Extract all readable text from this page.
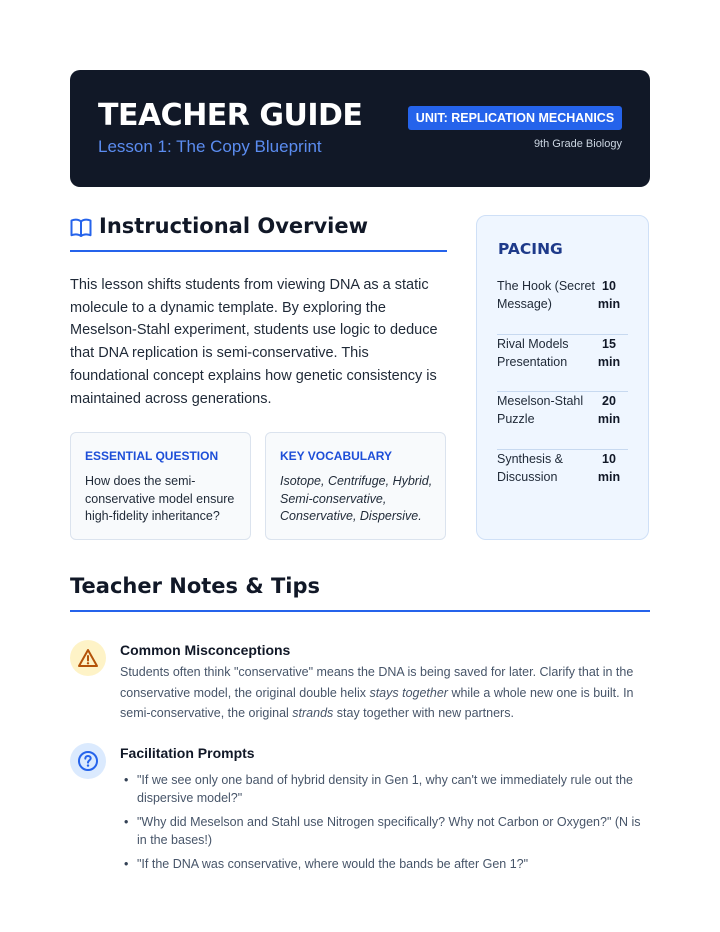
TEACHER GUIDE
Lesson 1: The Copy Blueprint
UNIT: REPLICATION MECHANICS
9th Grade Biology
Instructional Overview

This lesson shifts students from viewing DNA as a static molecule to a dynamic template. By exploring the Meselson-Stahl experiment, students use logic to deduce that DNA replication is semi-conservative. This foundational concept explains how genetic consistency is maintained across generations.

ESSENTIAL QUESTION
How does the semi-conservative model ensure high-fidelity inheritance?
KEY VOCABULARY
Isotope, Centrifuge, Hybrid, Semi-conservative, Conservative, Dispersive.
PACING
The Hook (Secret Message)
10 min
Rival Models Presentation
15 min
Meselson-Stahl Puzzle
20 min
Synthesis & Discussion
10 min
Teacher Notes & Tips
Common Misconceptions

Students often think "conservative" means the DNA is being saved for later. Clarify that in the conservative model, the original double helix stays together while a whole new one is built. In semi-conservative, the original strands stay together with new partners.

Facilitation Prompts
• "If we see only one band of hybrid density in Gen 1, why can't we immediately rule out the dispersive model?"
• "Why did Meselson and Stahl use Nitrogen specifically? Why not Carbon or Oxygen?" (N is in the bases!)
• "If the DNA was conservative, where would the bands be after Gen 1?"
